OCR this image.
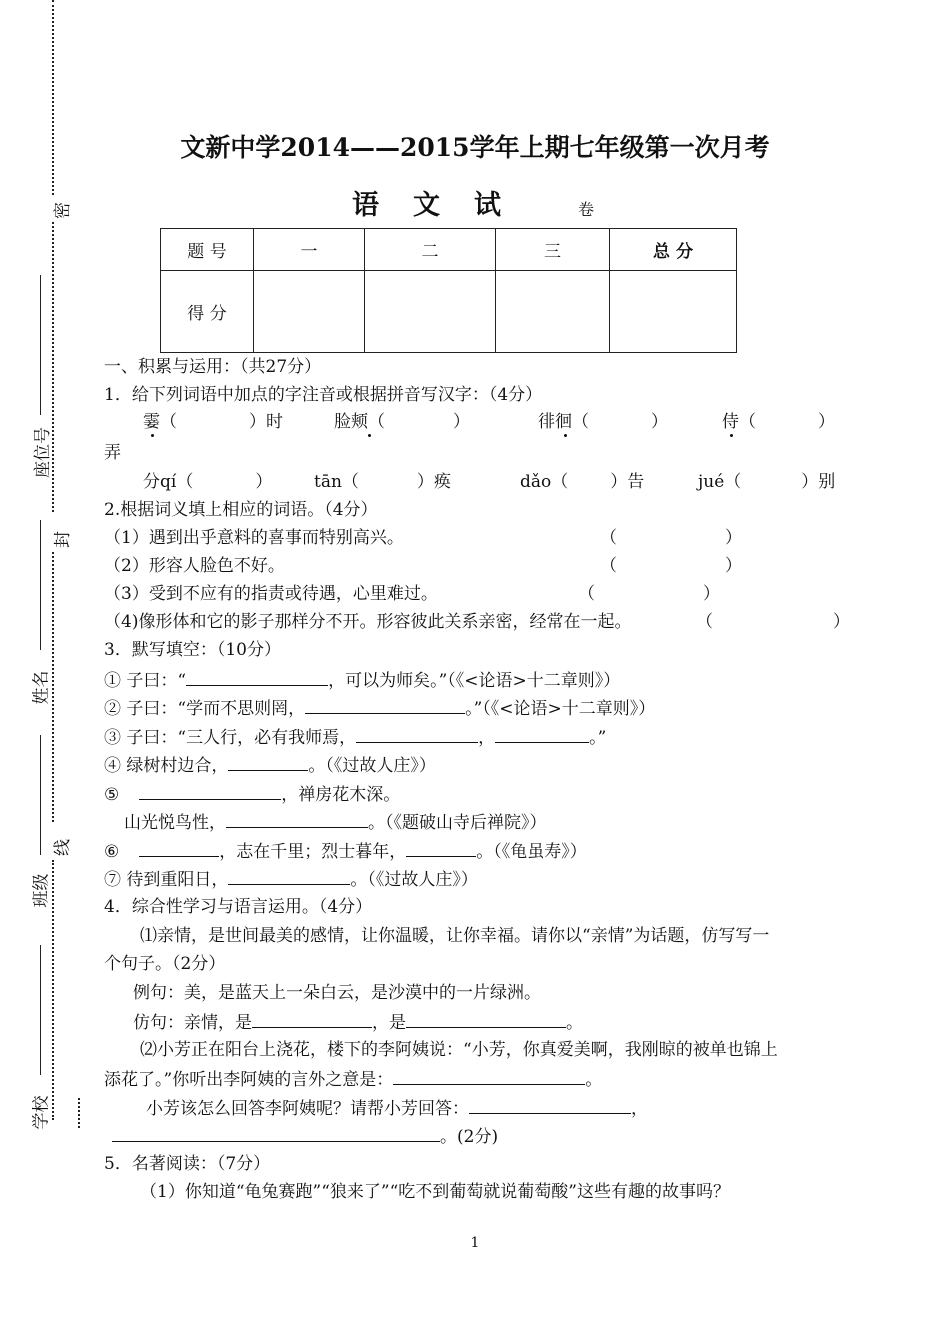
密
封
线
座位号
姓名
班级
学校
文新中学2014——2015学年上期七年级第一次月考
语文试	卷
题 号	一	二	三	总 分
得 分				
一、积累与运用：（共27分）
1．给下列词语中加点的字注音或根据拼音写汉字：（4分）
霎（	）时	脸颊（	）	徘徊（	）	侍（	）
弄
分qí（	） tān（	）痪	dǎo（ ）告	jué（	）别
2.根据词义填上相应的词语。（4分）
（1）遇到出乎意料的喜事而特别高兴。	（	）
（2）形容人脸色不好。	（	）
（3）受到不应有的指责或待遇，心里难过。	（	）
（4)像形体和它的影子那样分不开。形容彼此关系亲密，经常在一起。	（	）
3．默写填空：（10分）
① 子曰：“	，可以为师矣。”（《<论语>十二章则》）
② 子曰：“学而不思则罔，	。”（《<论语>十二章则》）
③ 子曰：“三人行，必有我师焉，	，	。”
④ 绿树村边合，	。（《过故人庄》）
⑤	，禅房花木深。
山光悦鸟性，	。（《题破山寺后禅院》）
⑥	，志在千里；烈士暮年，	。（《龟虽寿》）
⑦ 待到重阳日，	。（《过故人庄》）
4．综合性学习与语言运用。（4分）
⑴亲情，是世间最美的感情，让你温暖，让你幸福。请你以“亲情”为话题，仿写写一
个句子。（2分）
例句：美，是蓝天上一朵白云，是沙漠中的一片绿洲。
仿句：亲情，是	，是	。
⑵小芳正在阳台上浇花，楼下的李阿姨说：“小芳，你真爱美啊，我刚晾的被单也锦上
添花了。”你听出李阿姨的言外之意是：	。
小芳该怎么回答李阿姨呢？请帮小芳回答：	，
。(2分)
5．名著阅读：（7分）
（1）你知道“龟兔赛跑”“狼来了”“吃不到葡萄就说葡萄酸”这些有趣的故事吗？
1
